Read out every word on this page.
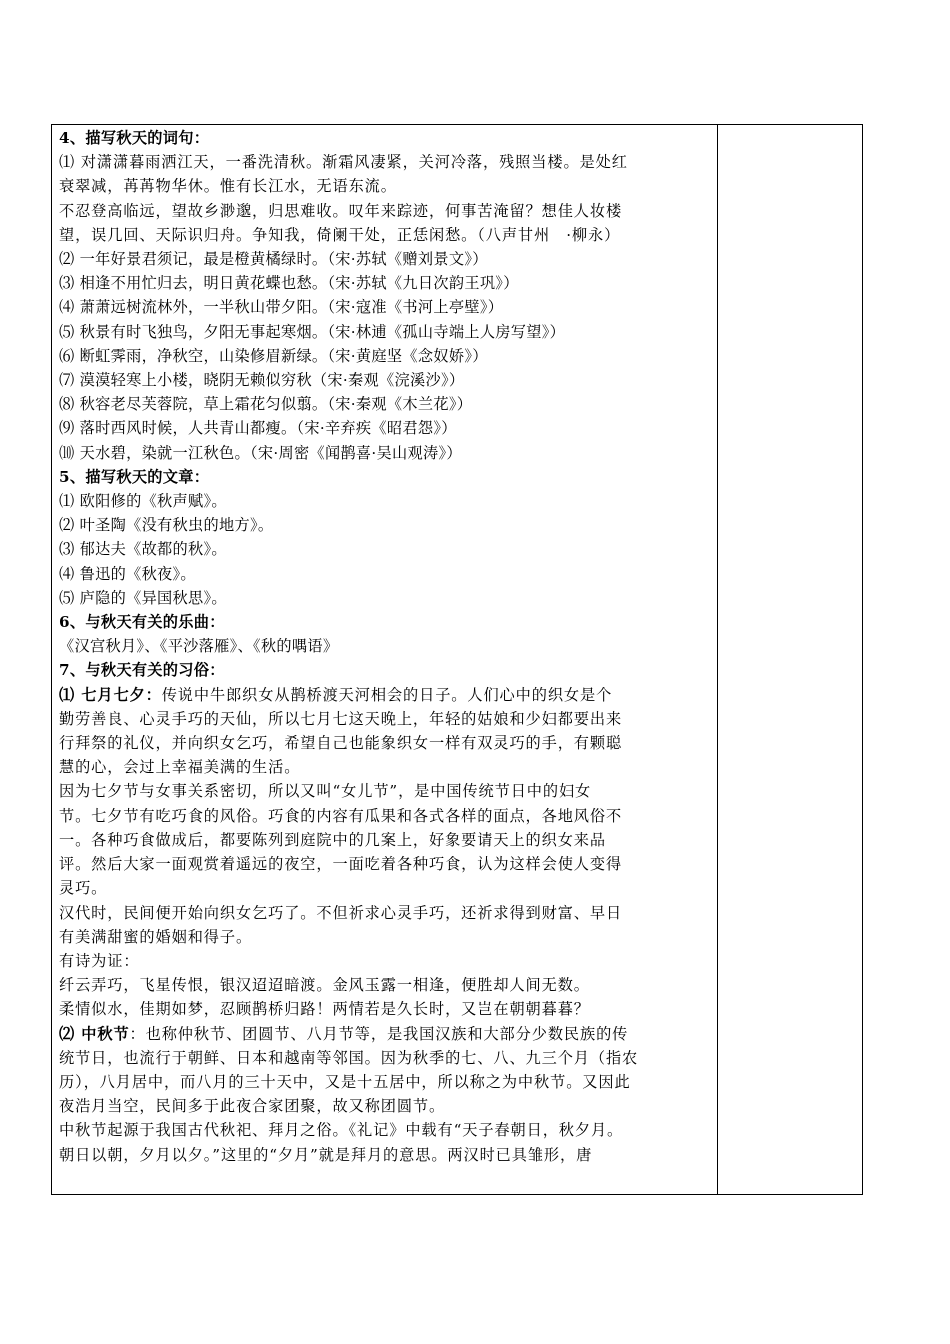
4、描写秋天的词句：
⑴ 对潇潇暮雨洒江天，一番洗清秋。渐霜风凄紧，关河冷落，残照当楼。是处红
衰翠减，苒苒物华休。惟有长江水，无语东流。
不忍登高临远，望故乡渺邈，归思难收。叹年来踪迹，何事苦淹留？想佳人妆楼
望，误几回、天际识归舟。争知我，倚阑干处，正恁闲愁。（八声甘州　·柳永）
⑵ 一年好景君须记，最是橙黄橘绿时。（宋·苏轼《赠刘景文》）
⑶ 相逢不用忙归去，明日黄花蝶也愁。（宋·苏轼《九日次韵王巩》）
⑷ 萧萧远树流林外，一半秋山带夕阳。（宋·寇准《书河上亭壁》）
⑸ 秋景有时飞独鸟，夕阳无事起寒烟。（宋·林逋《孤山寺端上人房写望》）
⑹ 断虹霁雨，净秋空，山染修眉新绿。（宋·黄庭坚《念奴娇》）
⑺ 漠漠轻寒上小楼，晓阴无赖似穷秋（宋·秦观《浣溪沙》）
⑻ 秋容老尽芙蓉院，草上霜花匀似翦。（宋·秦观《木兰花》）
⑼ 落时西风时候，人共青山都瘦。（宋·辛弃疾《昭君怨》）
⑽ 天水碧，染就一江秋色。（宋·周密《闻鹊喜·吴山观涛》）
5、描写秋天的文章：
⑴ 欧阳修的《秋声赋》。
⑵ 叶圣陶《没有秋虫的地方》。
⑶ 郁达夫《故都的秋》。
⑷ 鲁迅的《秋夜》。
⑸ 庐隐的《异国秋思》。
6、与秋天有关的乐曲：
《汉宫秋月》、《平沙落雁》、《秋的喁语》
7、与秋天有关的习俗：
⑴ 七月七夕：传说中牛郎织女从鹊桥渡天河相会的日子。人们心中的织女是个
勤劳善良、心灵手巧的天仙，所以七月七这天晚上，年轻的姑娘和少妇都要出来
行拜祭的礼仪，并向织女乞巧，希望自己也能象织女一样有双灵巧的手，有颗聪
慧的心，会过上幸福美满的生活。
因为七夕节与女事关系密切，所以又叫“女儿节”，是中国传统节日中的妇女
节。七夕节有吃巧食的风俗。巧食的内容有瓜果和各式各样的面点，各地风俗不
一。各种巧食做成后，都要陈列到庭院中的几案上，好象要请天上的织女来品
评。然后大家一面观赏着遥远的夜空，一面吃着各种巧食，认为这样会使人变得
灵巧。
汉代时，民间便开始向织女乞巧了。不但祈求心灵手巧，还祈求得到财富、早日
有美满甜蜜的婚姻和得子。
有诗为证：
纤云弄巧，飞星传恨，银汉迢迢暗渡。金风玉露一相逢，便胜却人间无数。
柔情似水，佳期如梦，忍顾鹊桥归路！两情若是久长时，又岂在朝朝暮暮？
⑵ 中秋节：也称仲秋节、团圆节、八月节等，是我国汉族和大部分少数民族的传
统节日，也流行于朝鲜、日本和越南等邻国。因为秋季的七、八、九三个月（指农
历），八月居中，而八月的三十天中，又是十五居中，所以称之为中秋节。又因此
夜浩月当空，民间多于此夜合家团聚，故又称团圆节。
中秋节起源于我国古代秋祀、拜月之俗。《礼记》中载有“天子春朝日，秋夕月。
朝日以朝，夕月以夕。”这里的“夕月”就是拜月的意思。两汉时已具雏形，唐
